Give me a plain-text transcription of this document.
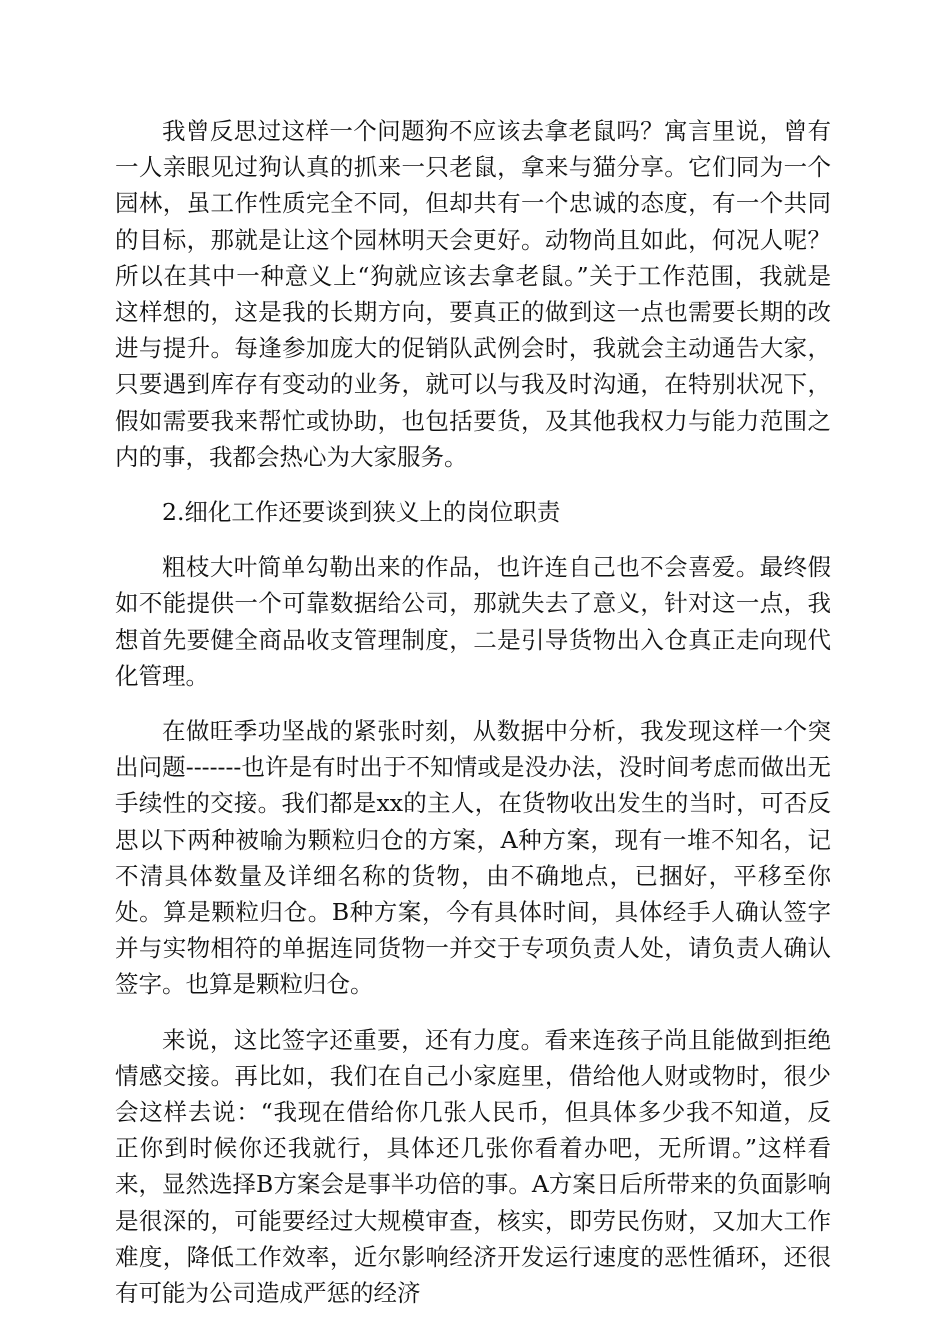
我曾反思过这样一个问题狗不应该去拿老鼠吗？寓言里说，曾有一人亲眼见过狗认真的抓来一只老鼠，拿来与猫分享。它们同为一个园林，虽工作性质完全不同，但却共有一个忠诚的态度，有一个共同的目标，那就是让这个园林明天会更好。动物尚且如此，何况人呢？所以在其中一种意义上“狗就应该去拿老鼠。”关于工作范围，我就是这样想的，这是我的长期方向，要真正的做到这一点也需要长期的改进与提升。每逢参加庞大的促销队武例会时，我就会主动通告大家，只要遇到库存有变动的业务，就可以与我及时沟通，在特别状况下，假如需要我来帮忙或协助，也包括要货，及其他我权力与能力范围之内的事，我都会热心为大家服务。

2.细化工作还要谈到狭义上的岗位职责

粗枝大叶简单勾勒出来的作品，也许连自己也不会喜爱。最终假如不能提供一个可靠数据给公司，那就失去了意义，针对这一点，我想首先要健全商品收支管理制度，二是引导货物出入仓真正走向现代化管理。

在做旺季功坚战的紧张时刻，从数据中分析，我发现这样一个突出问题-------也许是有时出于不知情或是没办法，没时间考虑而做出无手续性的交接。我们都是xx的主人，在货物收出发生的当时，可否反思以下两种被喻为颗粒归仓的方案，A种方案，现有一堆不知名，记不清具体数量及详细名称的货物，由不确地点，已捆好，平移至你处。算是颗粒归仓。B种方案，今有具体时间，具体经手人确认签字并与实物相符的单据连同货物一并交于专项负责人处，请负责人确认签字。也算是颗粒归仓。

来说，这比签字还重要，还有力度。看来连孩子尚且能做到拒绝情感交接。再比如，我们在自己小家庭里，借给他人财或物时，很少会这样去说：“我现在借给你几张人民币，但具体多少我不知道，反正你到时候你还我就行，具体还几张你看着办吧，无所谓。”这样看来，显然选择B方案会是事半功倍的事。A方案日后所带来的负面影响是很深的，可能要经过大规模审查，核实，即劳民伤财，又加大工作难度，降低工作效率，近尔影响经济开发运行速度的恶性循环，还很有可能为公司造成严惩的经济
